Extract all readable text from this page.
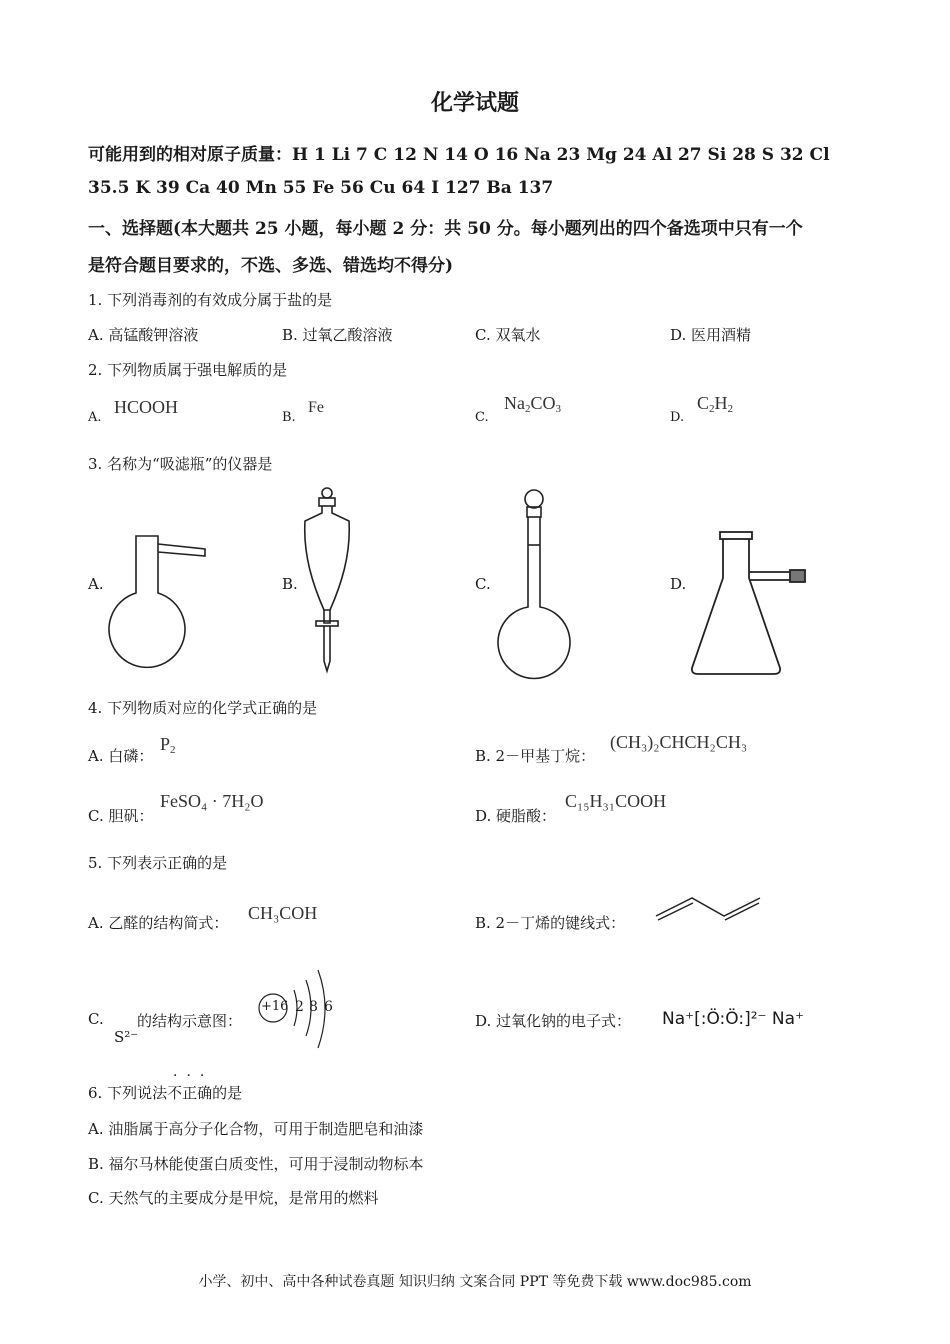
化学试题
可能用到的相对原子质量：H 1 Li 7 C 12 N 14 O 16 Na 23 Mg 24 Al 27 Si 28 S 32 Cl
35.5 K 39 Ca 40 Mn 55 Fe 56 Cu 64 I 127 Ba 137
一、选择题(本大题共 25 小题，每小题 2 分：共 50 分。每小题列出的四个备选项中只有一个
是符合题目要求的，不选、多选、错选均不得分)
1. 下列消毒剂的有效成分属于盐的是
A. 高锰酸钾溶液	B. 过氧乙酸溶液	C. 双氧水	D. 医用酒精
2. 下列物质属于强电解质的是
A.
HCOOH
B.
Fe
C.
$Na_2CO_3$
D.
$C_2H_2$
3. 名称为“吸滤瓶”的仪器是
A.	B.	C.	D.
4. 下列物质对应的化学式正确的是
A. 白磷：
$P_2$	B. 2－甲基丁烷：
(CH₃)₂CHCH₂CH₃
C. 胆矾：
FeSO₄ · 7H₂O
D. 硬脂酸：
C₁₅H₃₁COOH
5. 下列表示正确的是
A. 乙醛的结构简式： CH₃COH	B. 2－丁烯的键线式：
C.
S²⁻
的结构示意图：
+16 2 8 6
D. 过氧化钠的电子式： Na⁺[:Ö:Ö:]²⁻ Na⁺
6. 下列说法不正确的是
···
A. 油脂属于高分子化合物，可用于制造肥皂和油漆
B. 福尔马林能使蛋白质变性，可用于浸制动物标本
C. 天然气的主要成分是甲烷，是常用的燃料
小学、初中、高中各种试卷真题 知识归纳 文案合同 PPT 等免费下载 www.doc985.com
